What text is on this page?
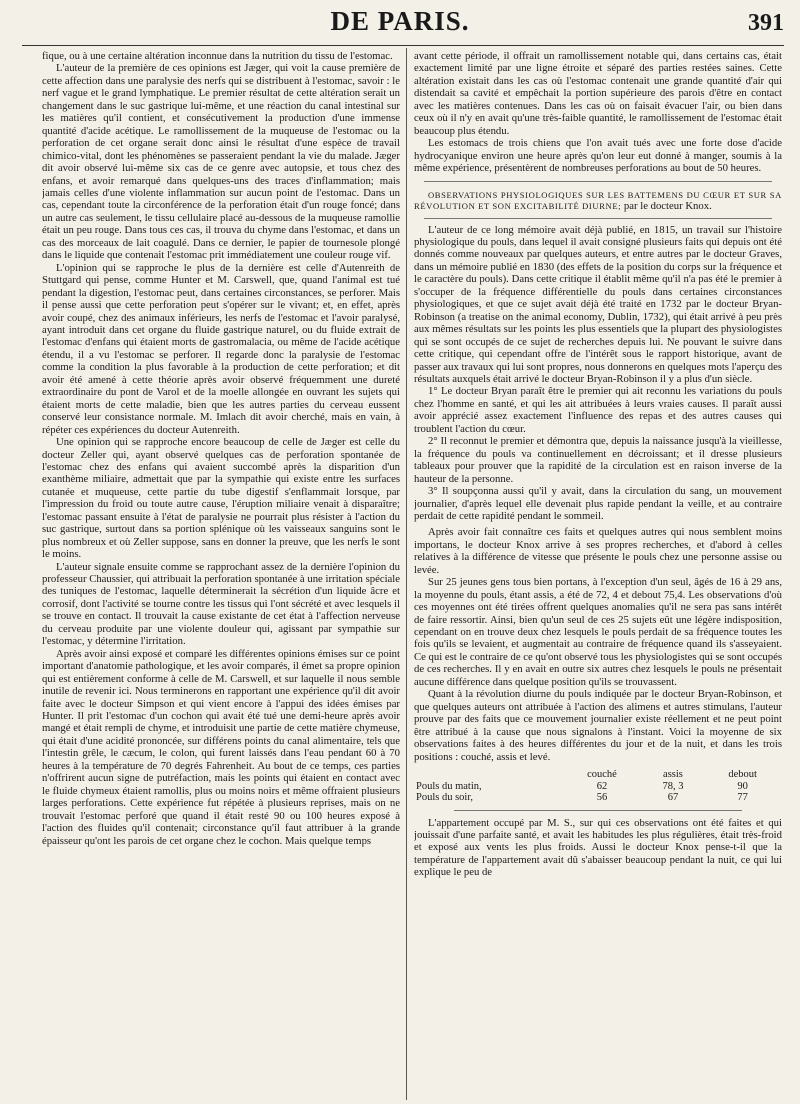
DE PARIS.	391

fique, ou à une certaine altération inconnue dans la nutrition du tissu de l'estomac.

L'auteur de la première de ces opinions est Jæger, qui voit la cause première de cette affection dans une paralysie des nerfs qui se distribuent à l'estomac, savoir : le nerf vague et le grand lymphatique. Le premier résultat de cette altération serait un changement dans le suc gastrique lui-même, et une réaction du canal intestinal sur les matières qu'il contient, et consécutivement la production d'une immense quantité d'acide acétique. Le ramollissement de la muqueuse de l'estomac ou la perforation de cet organe serait donc ainsi le résultat d'une espèce de travail chimico-vital, dont les phénomènes se passeraient pendant la vie du malade. Jæger dit avoir observé lui-même six cas de ce genre avec autopsie, et tous chez des enfans, et avoir remarqué dans quelques-uns des traces d'inflammation; mais jamais celles d'une violente inflammation sur aucun point de l'estomac. Dans un cas, cependant toute la circonférence de la perforation était d'un rouge foncé; dans un autre cas seulement, le tissu cellulaire placé au-dessous de la muqueuse ramollie était un peu rouge. Dans tous ces cas, il trouva du chyme dans l'estomac, et dans un cas des morceaux de lait coagulé. Dans ce dernier, le papier de tournesole plongé dans le liquide que contenait l'estomac prit immédiatement une couleur rouge vif.

L'opinion qui se rapproche le plus de la dernière est celle d'Autenreith de Stuttgard qui pense, comme Hunter et M. Carswell, que, quand l'animal est tué pendant la digestion, l'estomac peut, dans certaines circonstances, se perforer. Mais il pense aussi que cette perforation peut s'opérer sur le vivant; et, en effet, après avoir coupé, chez des animaux inférieurs, les nerfs de l'estomac et l'avoir paralysé, ayant introduit dans cet organe du fluide gastrique naturel, ou du fluide extrait de l'estomac d'enfans qui étaient morts de gastromalacia, ou même de l'acide acétique étendu, il a vu l'estomac se perforer. Il regarde donc la paralysie de l'estomac comme la condition la plus favorable à la production de cette perforation; et dit avoir été amené à cette théorie après avoir observé fréquemment une dureté extraordinaire du pont de Varol et de la moelle allongée en ouvrant les sujets qui étaient morts de cette maladie, bien que les autres parties du cerveau eussent conservé leur consistance normale. M. Imlach dit avoir cherché, mais en vain, à répéter ces expériences du docteur Autenreith.

Une opinion qui se rapproche encore beaucoup de celle de Jæger est celle du docteur Zeller qui, ayant observé quelques cas de perforation spontanée de l'estomac chez des enfans qui avaient succombé après la disparition d'un exanthème miliaire, admettait que par la sympathie qui existe entre les surfaces cutanée et muqueuse, cette partie du tube digestif s'enflammait lorsque, par l'impression du froid ou toute autre cause, l'éruption miliaire venait à disparaître; l'estomac passant ensuite à l'état de paralysie ne pourrait plus résister à l'action du suc gastrique, surtout dans sa portion splénique où les vaisseaux sanguins sont le plus nombreux et où Zeller suppose, sans en donner la preuve, que les nerfs le sont le moins.

L'auteur signale ensuite comme se rapprochant assez de la dernière l'opinion du professeur Chaussier, qui attribuait la perforation spontanée à une irritation spéciale des tuniques de l'estomac, laquelle déterminerait la sécrétion d'un liquide âcre et corrosif, dont l'activité se tourne contre les tissus qui l'ont sécrété et avec lesquels il se trouve en contact. Il trouvait la cause existante de cet état à l'affection nerveuse du cerveau produite par une violente douleur qui, agissant par sympathie sur l'estomac, y détermine l'irritation.

Après avoir ainsi exposé et comparé les différentes opinions émises sur ce point important d'anatomie pathologique, et les avoir comparés, il émet sa propre opinion qui est entièrement conforme à celle de M. Carswell, et sur laquelle il nous semble inutile de revenir ici. Nous terminerons en rapportant une expérience qu'il dit avoir faite avec le docteur Simpson et qui vient encore à l'appui des idées émises par Hunter. Il prit l'estomac d'un cochon qui avait été tué une demi-heure après avoir mangé et était rempli de chyme, et introduisit une partie de cette matière chymeuse, qui était d'une acidité prononcée, sur différens points du canal alimentaire, tels que l'intestin grêle, le cæcum, le colon, qui furent laissés dans l'eau pendant 60 à 70 heures à la température de 70 degrés Fahrenheit. Au bout de ce temps, ces parties n'offrirent aucun signe de putréfaction, mais les points qui étaient en contact avec le fluide chymeux étaient ramollis, plus ou moins noirs et même offraient plusieurs larges perforations. Cette expérience fut répétée à plusieurs reprises, mais on ne trouvait l'estomac perforé que quand il était resté 90 ou 100 heures exposé à l'action des fluides qu'il contenait; circonstance qu'il faut attribuer à la grande épaisseur qu'ont les parois de cet organe chez le cochon. Mais quelque temps

avant cette période, il offrait un ramollissement notable qui, dans certains cas, était exactement limité par une ligne étroite et séparé des parties restées saines. Cette altération existait dans les cas où l'estomac contenait une grande quantité d'air qui distendait sa cavité et empêchait la portion supérieure des parois d'être en contact avec les matières contenues. Dans les cas où on faisait évacuer l'air, ou bien dans ceux où il n'y en avait qu'une très-faible quantité, le ramollissement de l'estomac était beaucoup plus étendu.

Les estomacs de trois chiens que l'on avait tués avec une forte dose d'acide hydrocyanique environ une heure après qu'on leur eut donné à manger, soumis à la même expérience, présentèrent de nombreuses perforations au bout de 50 heures.

OBSERVATIONS PHYSIOLOGIQUES SUR LES BATTEMENS DU CŒUR ET SUR SA RÉVOLUTION ET SON EXCITABILITÉ DIURNE; par le docteur Knox.

L'auteur de ce long mémoire avait déjà publié, en 1815, un travail sur l'histoire physiologique du pouls, dans lequel il avait consigné plusieurs faits qui depuis ont été donnés comme nouveaux par quelques auteurs, et entre autres par le docteur Graves, dans un mémoire publié en 1830 (des effets de la position du corps sur la fréquence et le caractère du pouls). Dans cette critique il établit même qu'il n'a pas été le premier à s'occuper de la fréquence différentielle du pouls dans certaines circonstances physiologiques, et que ce sujet avait déjà été traité en 1732 par le docteur Bryan-Robinson (a treatise on the animal economy, Dublin, 1732), qui était arrivé à peu près aux mêmes résultats sur les points les plus essentiels que la plupart des physiologistes qui se sont occupés de ce sujet de recherches depuis lui. Ne pouvant le suivre dans cette critique, qui cependant offre de l'intérêt sous le rapport historique, avant de passer aux travaux qui lui sont propres, nous donnerons en quelques mots l'aperçu des résultats auxquels était arrivé le docteur Bryan-Robinson il y a plus d'un siècle.

1° Le docteur Bryan paraît être le premier qui ait reconnu les variations du pouls chez l'homme en santé, et qui les ait attribuées à leurs vraies causes. Il paraît aussi avoir apprécié assez exactement l'influence des repas et des autres causes qui troublent l'action du cœur.

2° Il reconnut le premier et démontra que, depuis la naissance jusqu'à la vieillesse, la fréquence du pouls va continuellement en décroissant; et il dresse plusieurs tableaux pour prouver que la rapidité de la circulation est en raison inverse de la hauteur de la personne.

3° Il soupçonna aussi qu'il y avait, dans la circulation du sang, un mouvement journalier, d'après lequel elle devenait plus rapide pendant la veille, et au contraire perdait de cette rapidité pendant le sommeil.

Après avoir fait connaître ces faits et quelques autres qui nous semblent moins importans, le docteur Knox arrive à ses propres recherches, et d'abord à celles relatives à la différence de vitesse que présente le pouls chez une personne assise ou levée.

Sur 25 jeunes gens tous bien portans, à l'exception d'un seul, âgés de 16 à 29 ans, la moyenne du pouls, étant assis, a été de 72, 4 et debout 75,4. Les observations d'où ces moyennes ont été tirées offrent quelques anomalies qu'il ne sera pas sans intérêt de faire ressortir. Ainsi, bien qu'un seul de ces 25 sujets eût une légère indisposition, cependant on en trouve deux chez lesquels le pouls perdait de sa fréquence toutes les fois qu'ils se levaient, et augmentait au contraire de fréquence quand ils s'asseyaient. Ce qui est le contraire de ce qu'ont observé tous les physiologistes qui se sont occupés de ces recherches. Il y en avait en outre six autres chez lesquels le pouls ne présentait aucune différence dans quelque position qu'ils se trouvassent.

Quant à la révolution diurne du pouls indiquée par le docteur Bryan-Robinson, et que quelques auteurs ont attribuée à l'action des alimens et autres stimulans, l'auteur prouve par des faits que ce mouvement journalier existe réellement et ne peut point être attribué à la cause que nous signalons à l'instant. Voici la moyenne de six observations faites à des heures différentes du jour et de la nuit, et dans les trois positions : couché, assis et levé.

	couché	assis	debout
Pouls du matin,	62	78, 3	90
Pouls du soir,	56	67	77

L'appartement occupé par M. S., sur qui ces observations ont été faites et qui jouissait d'une parfaite santé, et avait les habitudes les plus régulières, était très-froid et exposé aux vents les plus froids. Aussi le docteur Knox pense-t-il que la température de l'appartement avait dû s'abaisser beaucoup pendant la nuit, ce qui lui explique le peu de
